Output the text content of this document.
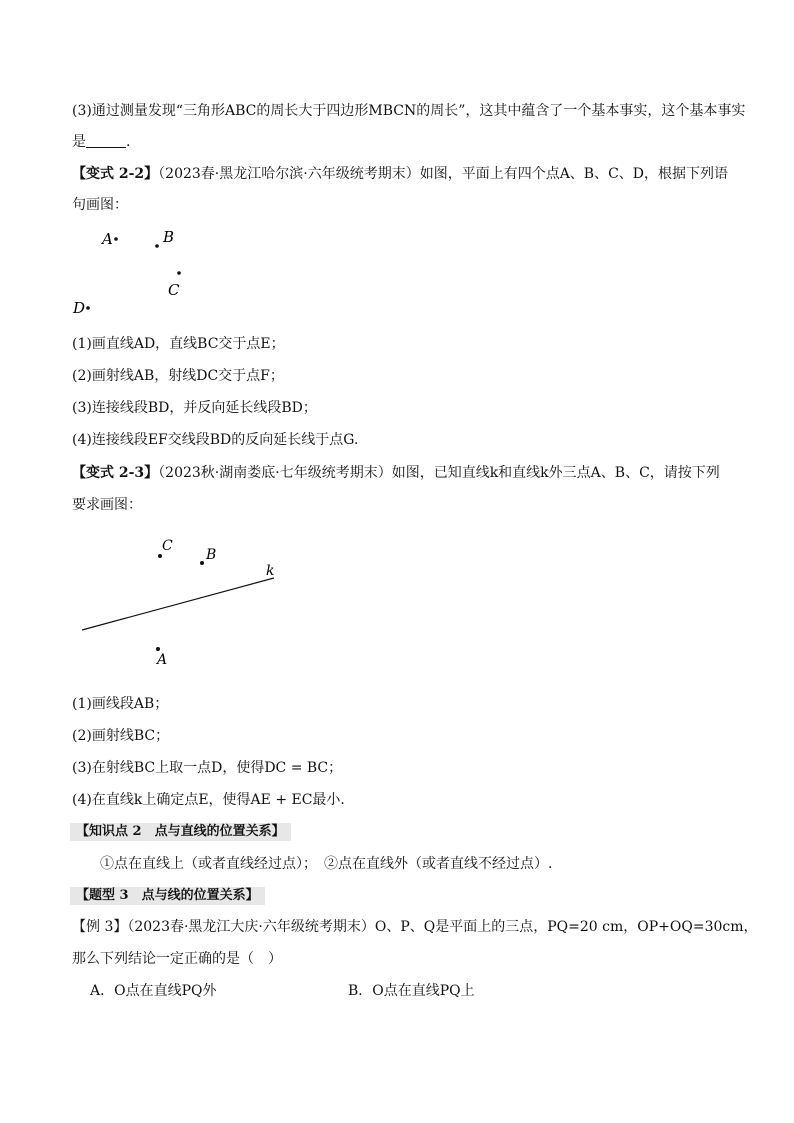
(3)通过测量发现“三角形ABC的周长大于四边形MBCN的周长”，这其中蕴含了一个基本事实，这个基本事实
是	.
【变式 2-2】（2023春·黑龙江哈尔滨·六年级统考期末）如图，平面上有四个点A、B、C、D，根据下列语
句画图：
A	B
C
D
(1)画直线AD，直线BC交于点E；
(2)画射线AB，射线DC交于点F；
(3)连接线段BD，并反向延长线段BD；
(4)连接线段EF交线段BD的反向延长线于点G.
【变式 2-3】（2023秋·湖南娄底·七年级统考期末）如图，已知直线k和直线k外三点A、B、C，请按下列
要求画图：
k
C
B
A
(1)画线段AB；
(2)画射线BC；
(3)在射线BC上取一点D，使得DC = BC；
(4)在直线k上确定点E，使得AE + EC最小.
【知识点 2　点与直线的位置关系】
①点在直线上（或者直线经过点）；　②点在直线外（或者直线不经过点）.
【题型 3　点与线的位置关系】
【例 3】（2023春·黑龙江大庆·六年级统考期末）O、P、Q是平面上的三点，PQ=20 cm，OP+OQ=30cm，
那么下列结论一定正确的是（　）
A．O点在直线PQ外	B．O点在直线PQ上
